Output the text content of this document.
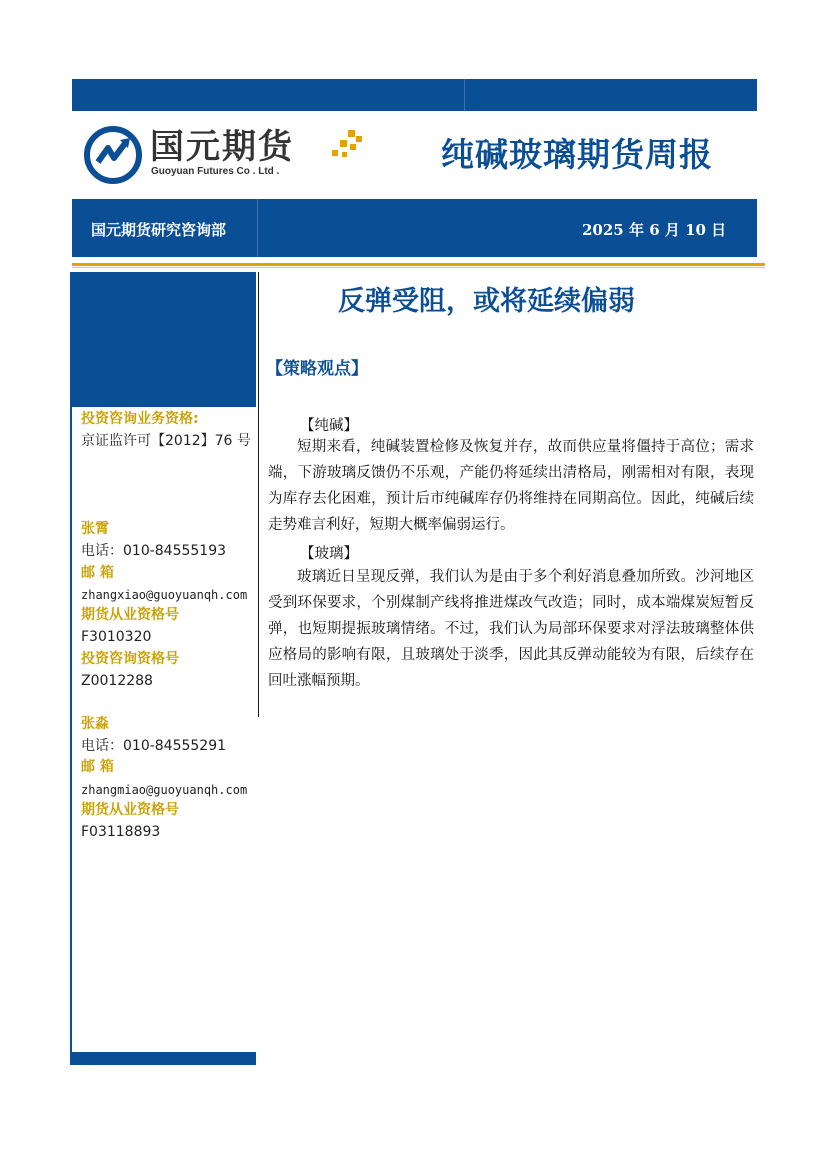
国元期货
Guoyuan Futures Co . Ltd .	纯碱玻璃期货周报
国元期货研究咨询部	2025 年 6 月 10 日
投资咨询业务资格:
京证监许可【2012】76 号
张霄
电话：010-84555193
邮 箱
zhangxiao@guoyuanqh.com
期货从业资格号
F3010320
投资咨询资格号
Z0012288
张淼
电话：010-84555291
邮 箱
zhangmiao@guoyuanqh.com
期货从业资格号
F03118893
反弹受阻，或将延续偏弱
【策略观点】
【纯碱】

短期来看，纯碱装置检修及恢复并存，故而供应量将僵持于高位；需求端，下游玻璃反馈仍不乐观，产能仍将延续出清格局，刚需相对有限，表现为库存去化困难，预计后市纯碱库存仍将维持在同期高位。因此，纯碱后续走势难言利好，短期大概率偏弱运行。

【玻璃】

玻璃近日呈现反弹，我们认为是由于多个利好消息叠加所致。沙河地区受到环保要求，个别煤制产线将推进煤改气改造；同时，成本端煤炭短暂反弹，也短期提振玻璃情绪。不过，我们认为局部环保要求对浮法玻璃整体供应格局的影响有限，且玻璃处于淡季，因此其反弹动能较为有限，后续存在回吐涨幅预期。
